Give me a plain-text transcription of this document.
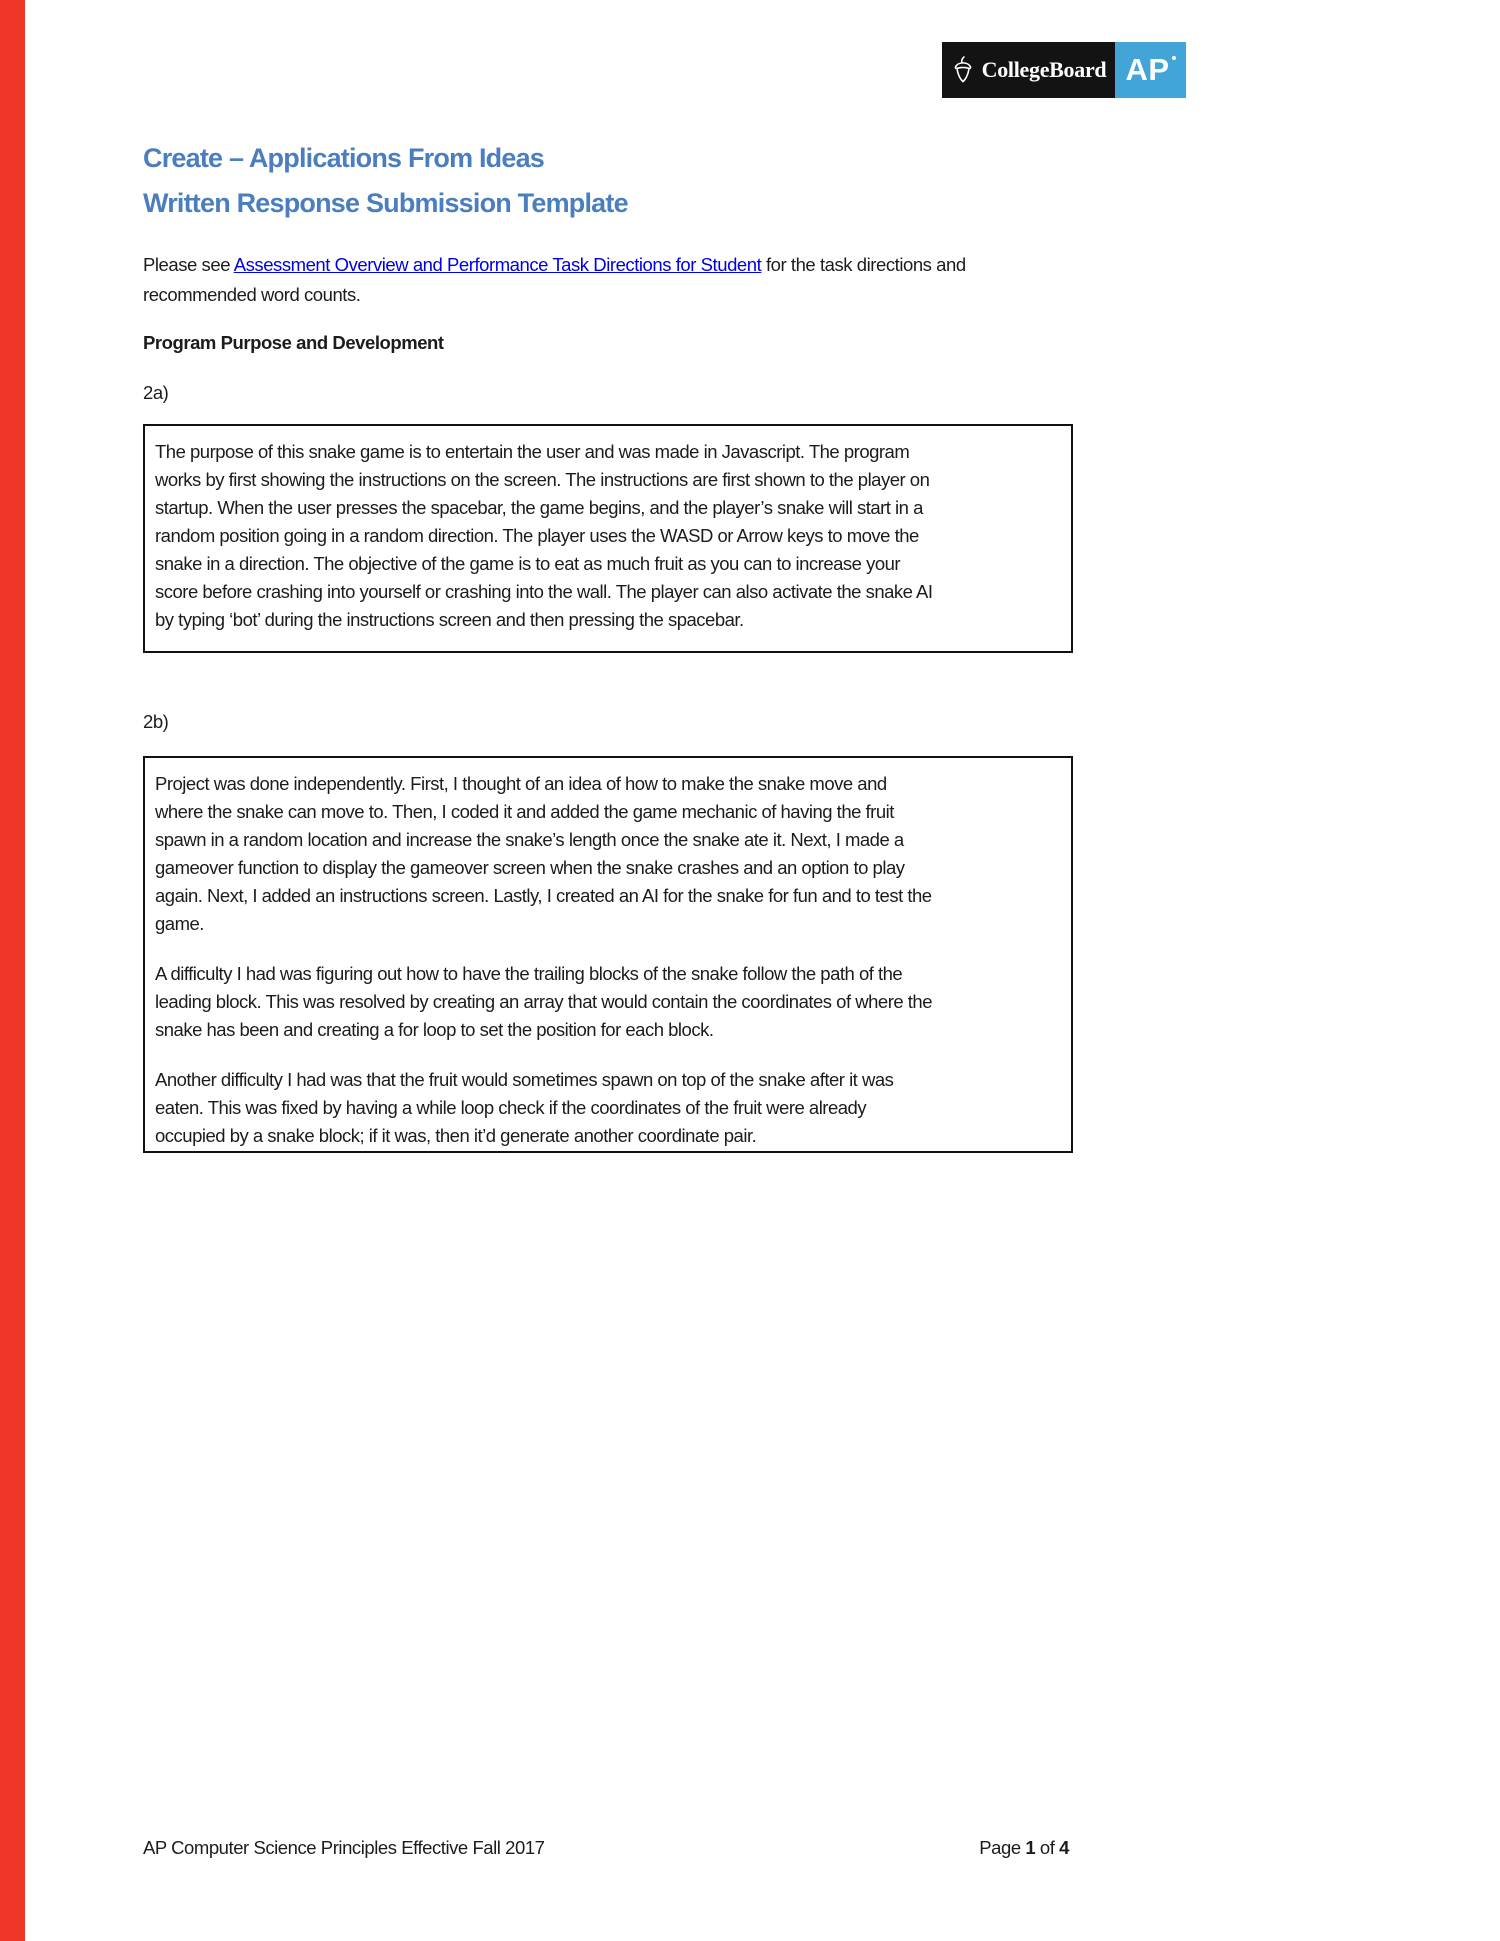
CollegeBoard AP
Create – Applications From Ideas
Written Response Submission Template
Please see Assessment Overview and Performance Task Directions for Student for the task directions and recommended word counts.
Program Purpose and Development
2a)
The purpose of this snake game is to entertain the user and was made in Javascript. The program
works by first showing the instructions on the screen. The instructions are first shown to the player on
startup. When the user presses the spacebar, the game begins, and the player’s snake will start in a
random position going in a random direction. The player uses the WASD or Arrow keys to move the
snake in a direction. The objective of the game is to eat as much fruit as you can to increase your
score before crashing into yourself or crashing into the wall. The player can also activate the snake AI
by typing ‘bot’ during the instructions screen and then pressing the spacebar.
2b)
Project was done independently. First, I thought of an idea of how to make the snake move and
where the snake can move to. Then, I coded it and added the game mechanic of having the fruit
spawn in a random location and increase the snake’s length once the snake ate it. Next, I made a
gameover function to display the gameover screen when the snake crashes and an option to play
again. Next, I added an instructions screen. Lastly, I created an AI for the snake for fun and to test the
game.
A difficulty I had was figuring out how to have the trailing blocks of the snake follow the path of the
leading block. This was resolved by creating an array that would contain the coordinates of where the
snake has been and creating a for loop to set the position for each block.
Another difficulty I had was that the fruit would sometimes spawn on top of the snake after it was
eaten. This was fixed by having a while loop check if the coordinates of the fruit were already
occupied by a snake block; if it was, then it’d generate another coordinate pair.
AP Computer Science Principles Effective Fall 2017	Page 1 of 4
